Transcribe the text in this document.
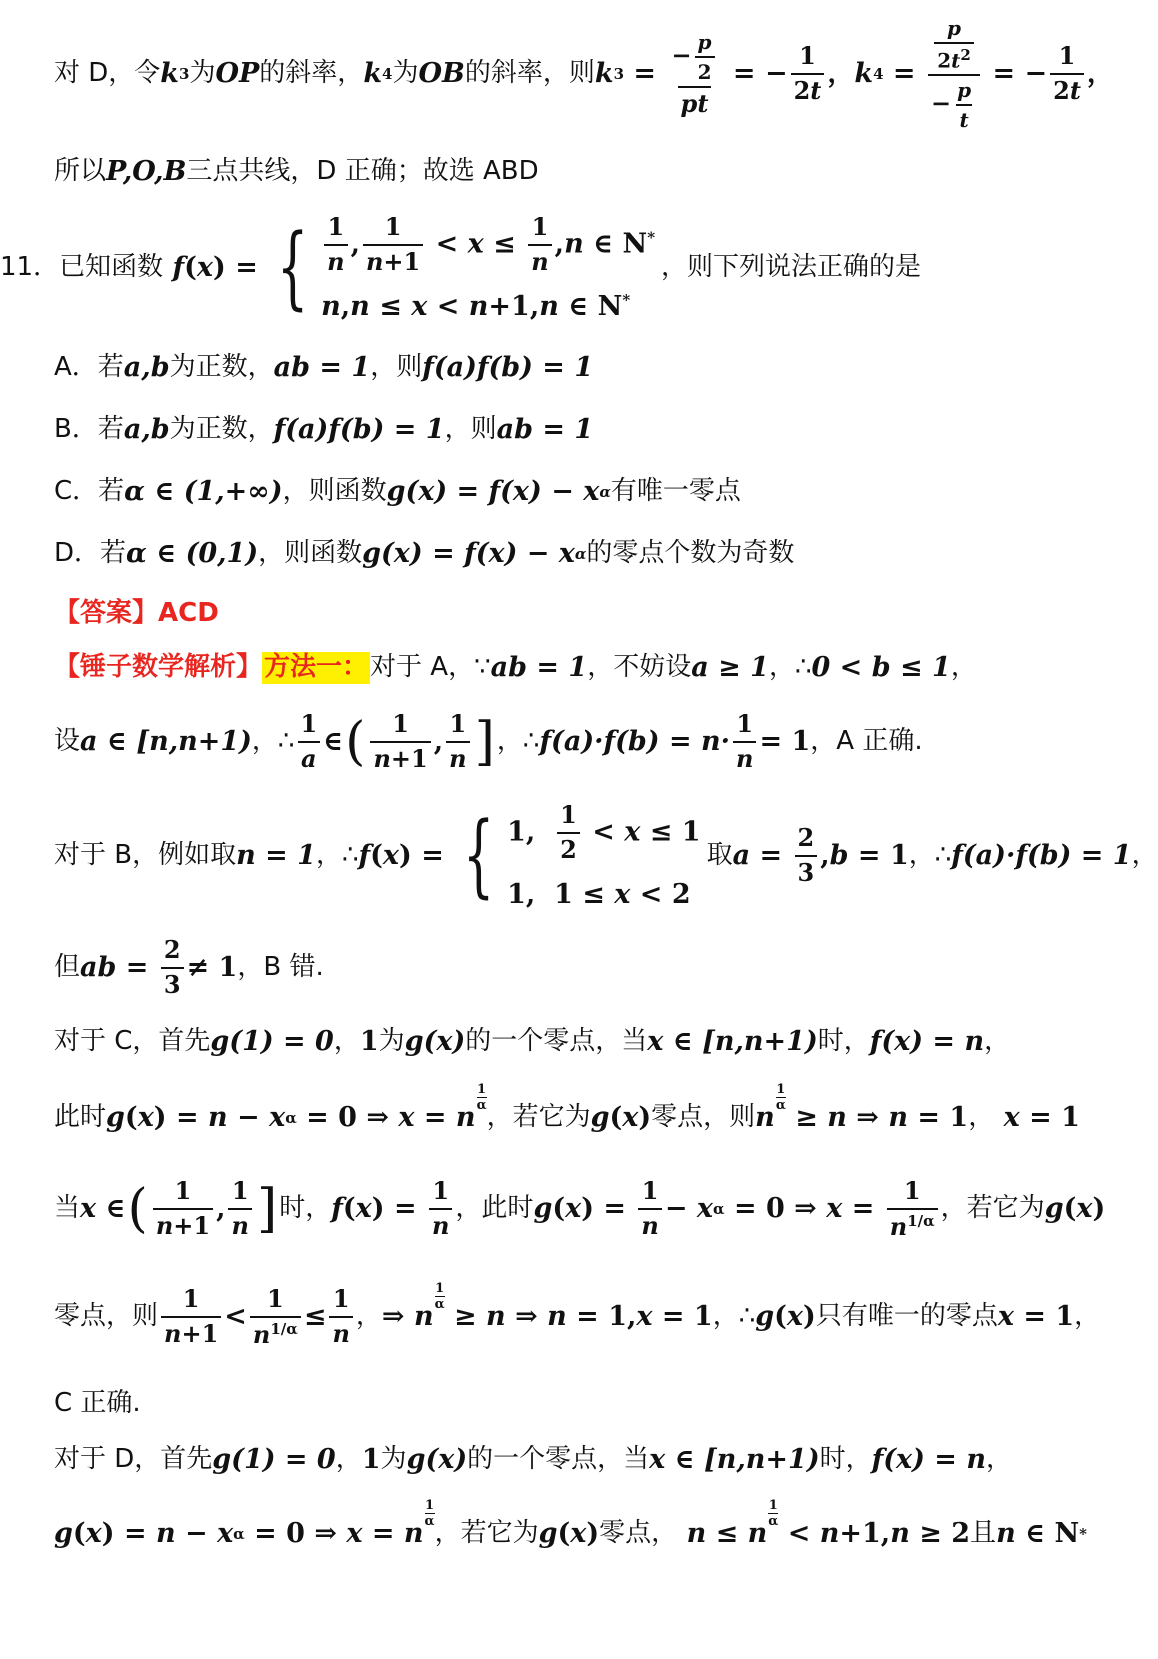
对 D，令 k 3 为 OP 的斜率， k 4 为 OB 的斜率，则 k $3 = \frac{- \frac{p}{2}}{pt}$ = − $\frac{1}{2t}$ ， k $4 = \frac{\frac{p}{2t^2}}{- \frac{p}{t}}$ = − $\frac{1}{2t}$ ，
所以 P,O,B 三点共线，D 正确；故选 ABD
11． 已知函数
f ( x ) = { $\frac{1}{n}$ , $\frac{1}{n+1} < x \le \frac{1}{n} ,n$ ∈ N*
n,n ≤ x < n+1,n ∈ N*
，则下列说法正确的是
A．若 a,b 为正数， ab = 1 ，则 f(a)f(b) = 1
B．若 a,b 为正数， f(a)f(b) = 1 ，则 ab = 1
C．若 α ∈ (1,+∞) ，则函数 g(x) = f(x) − x α 有唯一零点
D．若 α ∈ (0,1) ，则函数 g(x) = f(x) − x α 的零点个数为奇数
【答案】ACD
【锤子数学解析】 方法一： 对于 A，∵ ab = 1 ，不妨设 a ≥ 1 ，∴ 0 < b ≤ 1 ，
设 a ∈ [n,n+1) ，∴ $\frac{1}{a}$ ∈ ( $\frac{1}{n+1}$ , $\frac{1}{n}$ ] ，∴ $f(a)\cdot f(b) = n\cdot \frac{1}{n} = 1$ ，A 正确.
对于 B，例如取 n = 1 ，∴ f ( x ) = { 1, $\frac{1}{2} < x \le 1$
1,  1 ≤ x < 2
取 $a = \frac{2}{3}$ , b = 1 ，∴ f(a)·f(b) = 1 ，
但 ab = $\frac{2}{3} \ne 1$ ，B 错.
对于 C，首先 g(1) = 0 ， 1 为 g(x) 的一个零点，当 x ∈ [n,n+1) 时， f(x) = n ，
此时 g ( x ) = n − x α = 0 ⇒ x = n
1
α ，若它为 g ( x ) 零点，则 n
1
α ≥ n ⇒ n = 1 ，
x = 1
当 x ∈ ( $\frac{1}{n+1}$ , $\frac{1}{n}$ ] 时， f ( x ) = $\frac{1}{n}$ ，此时 g ( x ) = $\frac{1}{n} - x$ α = 0 ⇒ $x = \frac{1}{n^{1/\alpha}}$ ，若它为 g ( x )
零点，则 $\frac{1}{n+1} < \frac{1}{n^{1/\alpha}} \le \frac{1}{n}$ ， ⇒ n
1
α ≥ n ⇒ n = 1, x = 1 ，∴ g ( x ) 只有唯一的零点 x = 1 ，
C 正确.
对于 D，首先 g(1) = 0 ， 1 为 g(x) 的一个零点，当 x ∈ [n,n+1) 时， f(x) = n ，
g ( x ) = n − x α = 0 ⇒ x = n
1
α ，若它为 g ( x ) 零点，
n ≤ n
1
α < n +1, n ≥ 2 且 n ∈ N *
